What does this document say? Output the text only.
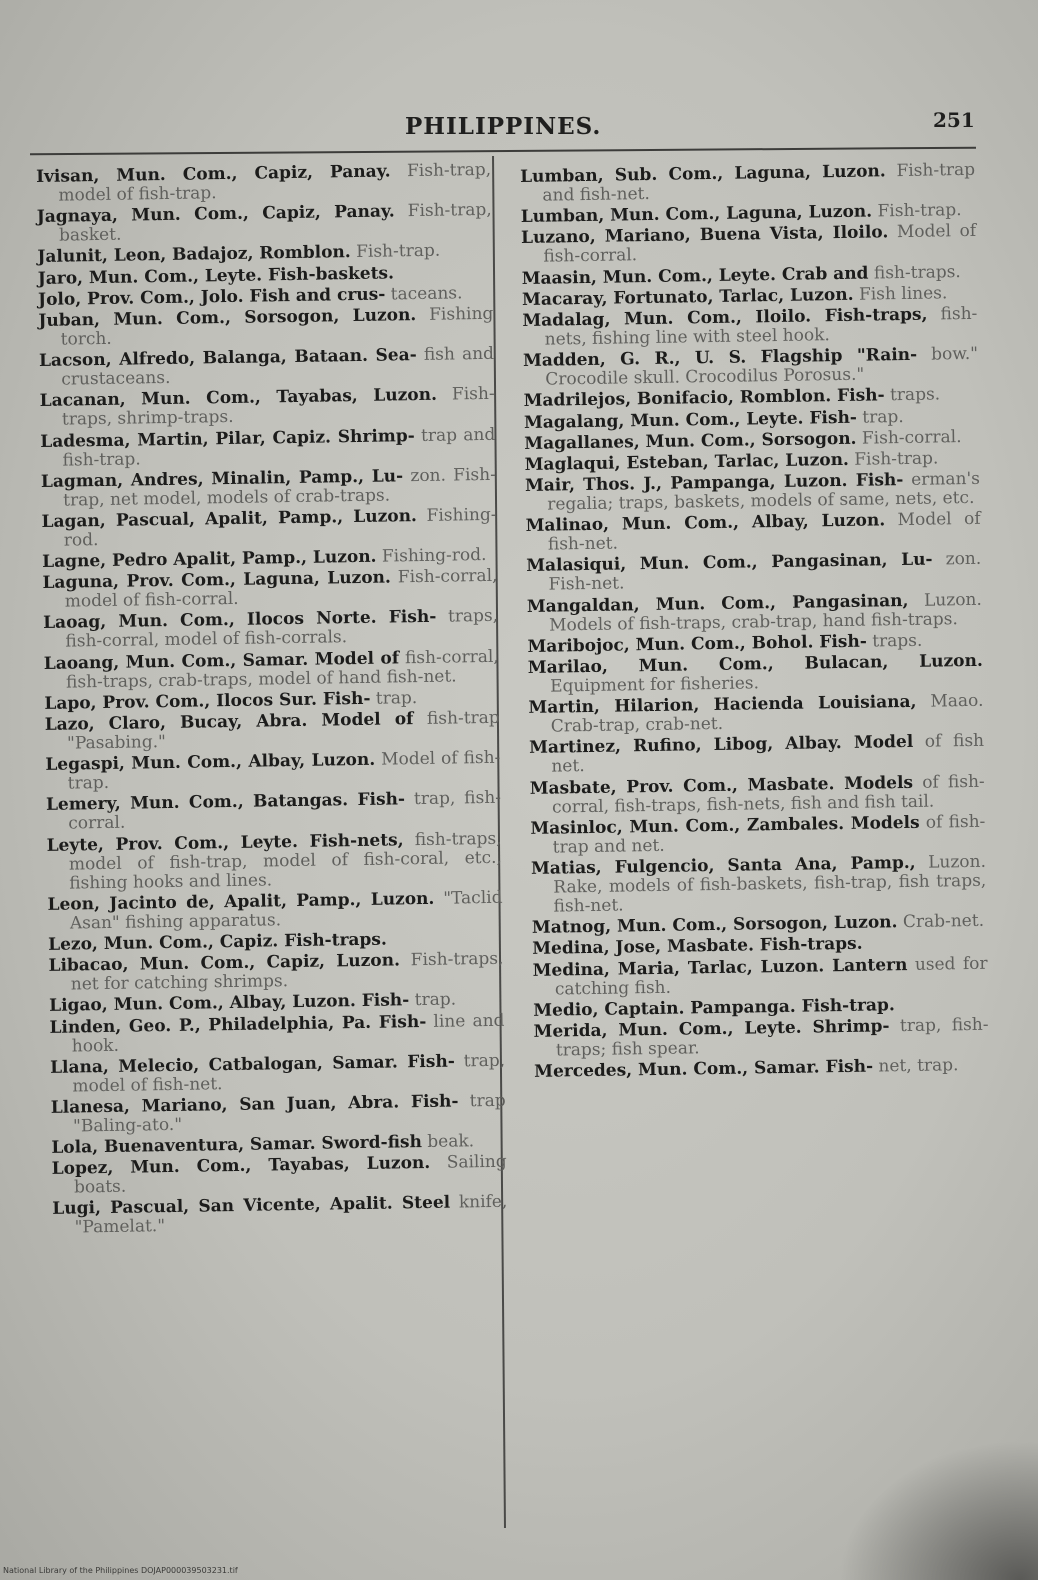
PHILIPPINES.	251

Ivisan, Mun. Com., Capiz, Panay. Fish-trap, model of fish-trap.

Jagnaya, Mun. Com., Capiz, Panay. Fish-trap, basket.

Jalunit, Leon, Badajoz, Romblon. Fish-trap.

Jaro, Mun. Com., Leyte. Fish-baskets.

Jolo, Prov. Com., Jolo. Fish and crus- taceans.

Juban, Mun. Com., Sorsogon, Luzon. Fishing torch.

Lacson, Alfredo, Balanga, Bataan. Sea- fish and crustaceans.

Lacanan, Mun. Com., Tayabas, Luzon. Fish-traps, shrimp-traps.

Ladesma, Martin, Pilar, Capiz. Shrimp- trap and fish-trap.

Lagman, Andres, Minalin, Pamp., Lu- zon. Fish-trap, net model, models of crab-traps.

Lagan, Pascual, Apalit, Pamp., Luzon. Fishing-rod.

Lagne, Pedro Apalit, Pamp., Luzon. Fishing-rod.

Laguna, Prov. Com., Laguna, Luzon. Fish-corral, model of fish-corral.

Laoag, Mun. Com., Ilocos Norte. Fish- traps, fish-corral, model of fish-corrals.

Laoang, Mun. Com., Samar. Model of fish-corral, fish-traps, crab-traps, model of hand fish-net.

Lapo, Prov. Com., Ilocos Sur. Fish- trap.

Lazo, Claro, Bucay, Abra. Model of fish-trap "Pasabing."

Legaspi, Mun. Com., Albay, Luzon. Model of fish-trap.

Lemery, Mun. Com., Batangas. Fish- trap, fish-corral.

Leyte, Prov. Com., Leyte. Fish-nets, fish-traps, model of fish-trap, model of fish-coral, etc., fishing hooks and lines.

Leon, Jacinto de, Apalit, Pamp., Luzon. "Taclid Asan" fishing apparatus.

Lezo, Mun. Com., Capiz. Fish-traps.

Libacao, Mun. Com., Capiz, Luzon. Fish-traps, net for catching shrimps.

Ligao, Mun. Com., Albay, Luzon. Fish- trap.

Linden, Geo. P., Philadelphia, Pa. Fish- line and hook.

Llana, Melecio, Catbalogan, Samar. Fish- trap, model of fish-net.

Llanesa, Mariano, San Juan, Abra. Fish- trap "Baling-ato."

Lola, Buenaventura, Samar. Sword-fish beak.

Lopez, Mun. Com., Tayabas, Luzon. Sailing boats.

Lugi, Pascual, San Vicente, Apalit. Steel knife, "Pamelat."

Lumban, Sub. Com., Laguna, Luzon. Fish-trap and fish-net.

Lumban, Mun. Com., Laguna, Luzon. Fish-trap.

Luzano, Mariano, Buena Vista, Iloilo. Model of fish-corral.

Maasin, Mun. Com., Leyte. Crab and fish-traps.

Macaray, Fortunato, Tarlac, Luzon. Fish lines.

Madalag, Mun. Com., Iloilo. Fish-traps, fish-nets, fishing line with steel hook.

Madden, G. R., U. S. Flagship "Rain- bow." Crocodile skull. Crocodilus Porosus."

Madrilejos, Bonifacio, Romblon. Fish- traps.

Magalang, Mun. Com., Leyte. Fish- trap.

Magallanes, Mun. Com., Sorsogon. Fish-corral.

Maglaqui, Esteban, Tarlac, Luzon. Fish-trap.

Mair, Thos. J., Pampanga, Luzon. Fish- erman's regalia; traps, baskets, models of same, nets, etc.

Malinao, Mun. Com., Albay, Luzon. Model of fish-net.

Malasiqui, Mun. Com., Pangasinan, Lu- zon. Fish-net.

Mangaldan, Mun. Com., Pangasinan, Luzon. Models of fish-traps, crab-trap, hand fish-traps.

Maribojoc, Mun. Com., Bohol. Fish- traps.

Marilao, Mun. Com., Bulacan, Luzon. Equipment for fisheries.

Martin, Hilarion, Hacienda Louisiana, Maao. Crab-trap, crab-net.

Martinez, Rufino, Libog, Albay. Model of fish net.

Masbate, Prov. Com., Masbate. Models of fish-corral, fish-traps, fish-nets, fish and fish tail.

Masinloc, Mun. Com., Zambales. Models of fish-trap and net.

Matias, Fulgencio, Santa Ana, Pamp., Luzon. Rake, models of fish-baskets, fish-trap, fish traps, fish-net.

Matnog, Mun. Com., Sorsogon, Luzon. Crab-net.

Medina, Jose, Masbate. Fish-traps.

Medina, Maria, Tarlac, Luzon. Lantern used for catching fish.

Medio, Captain. Pampanga. Fish-trap.

Merida, Mun. Com., Leyte. Shrimp- trap, fish-traps; fish spear.

Mercedes, Mun. Com., Samar. Fish- net, trap.

National Library of the Philippines DOJAP000039503231.tif
